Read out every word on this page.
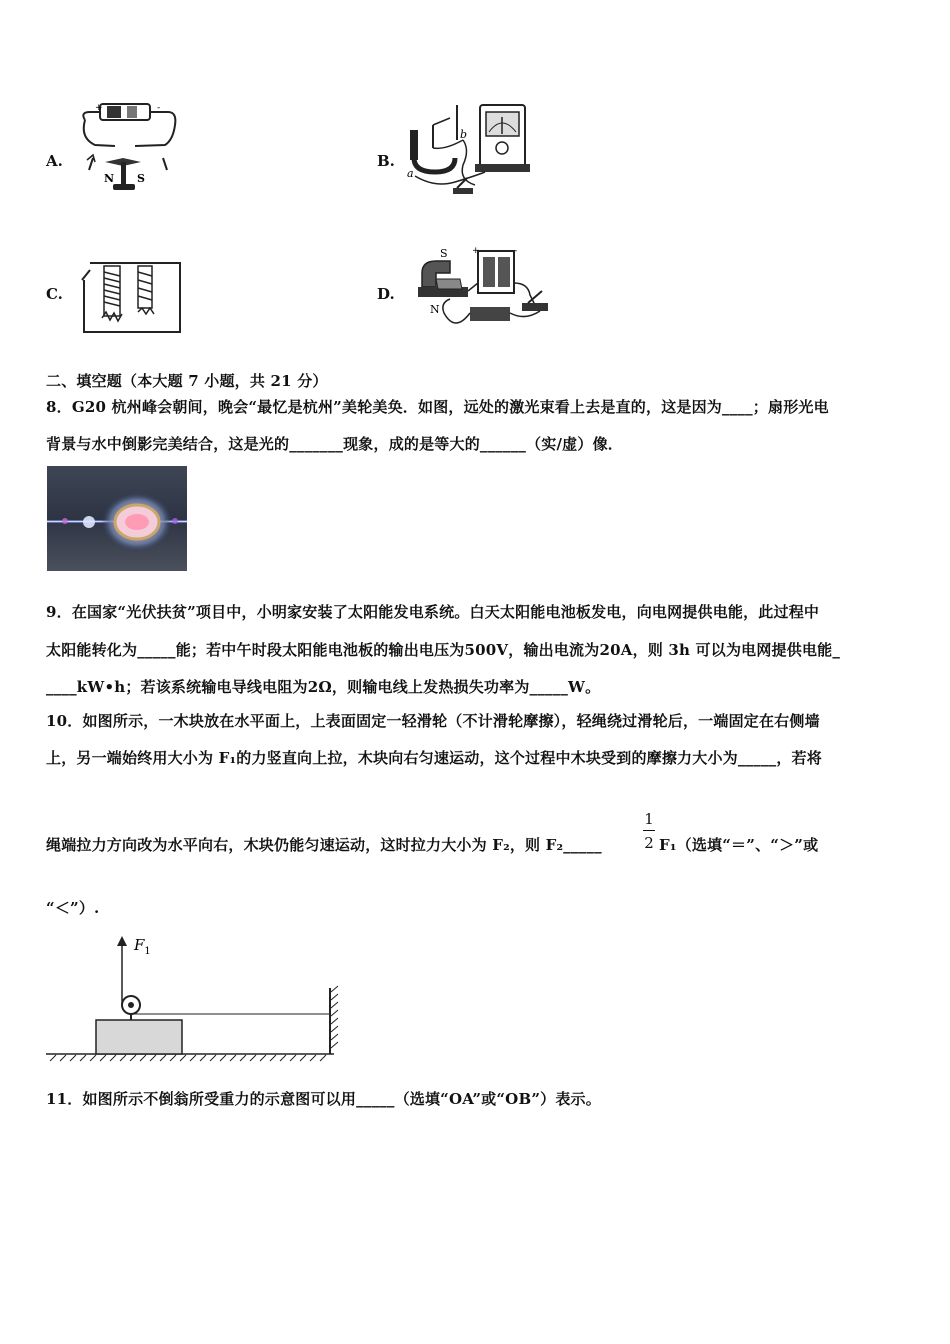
A.	B.
C.	D.
+	-
N S	a
b
+	-
S
N
二、填空题（本大题 7 小题，共 21 分）
8．G20 杭州峰会朝间，晚会“最忆是杭州”美轮美奂．如图，远处的激光束看上去是直的，这是因为____；扇形光电
背景与水中倒影完美结合，这是光的_______现象，成的是等大的______（实/虚）像．
9．在国家“光伏扶贫”项目中，小明家安装了太阳能发电系统。白天太阳能电池板发电，向电网提供电能，此过程中
太阳能转化为_____能；若中午时段太阳能电池板的输出电压为500V，输出电流为20A，则 3h 可以为电网提供电能_
____kW•h；若该系统输电导线电阻为2Ω，则输电线上发热损失功率为_____W。
10．如图所示，一木块放在水平面上，上表面固定一轻滑轮（不计滑轮摩擦），轻绳绕过滑轮后，一端固定在右侧墙
上，另一端始终用大小为 F₁的力竖直向上拉，木块向右匀速运动，这个过程中木块受到的摩擦力大小为_____，若将
绳端拉力方向改为水平向右，木块仍能匀速运动，这时拉力大小为 F₂，则 F₂_____
1
2 F₁（选填“＝”、“＞”或
“＜”）.
$F_1$
11．如图所示不倒翁所受重力的示意图可以用_____（选填“OA”或“OB”）表示。
